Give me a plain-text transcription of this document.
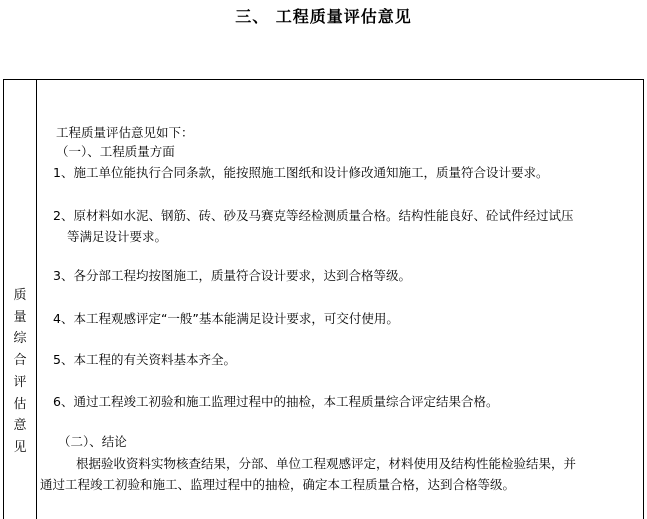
三、 工程质量评估意见
质
量
综
合
评
估
意
见
工程质量评估意见如下：
（一）、工程质量方面
1、施工单位能执行合同条款，能按照施工图纸和设计修改通知施工，质量符合设计要求。
2、原材料如水泥、钢筋、砖、砂及马赛克等经检测质量合格。结构性能良好、砼试件经过试压
等满足设计要求。
3、各分部工程均按图施工，质量符合设计要求，达到合格等级。
4、本工程观感评定“一般”基本能满足设计要求，可交付使用。
5、本工程的有关资料基本齐全。
6、通过工程竣工初验和施工监理过程中的抽检，本工程质量综合评定结果合格。
（二）、结论
根据验收资料实物核查结果，分部、单位工程观感评定，材料使用及结构性能检验结果，并
通过工程竣工初验和施工、监理过程中的抽检，确定本工程质量合格，达到合格等级。
